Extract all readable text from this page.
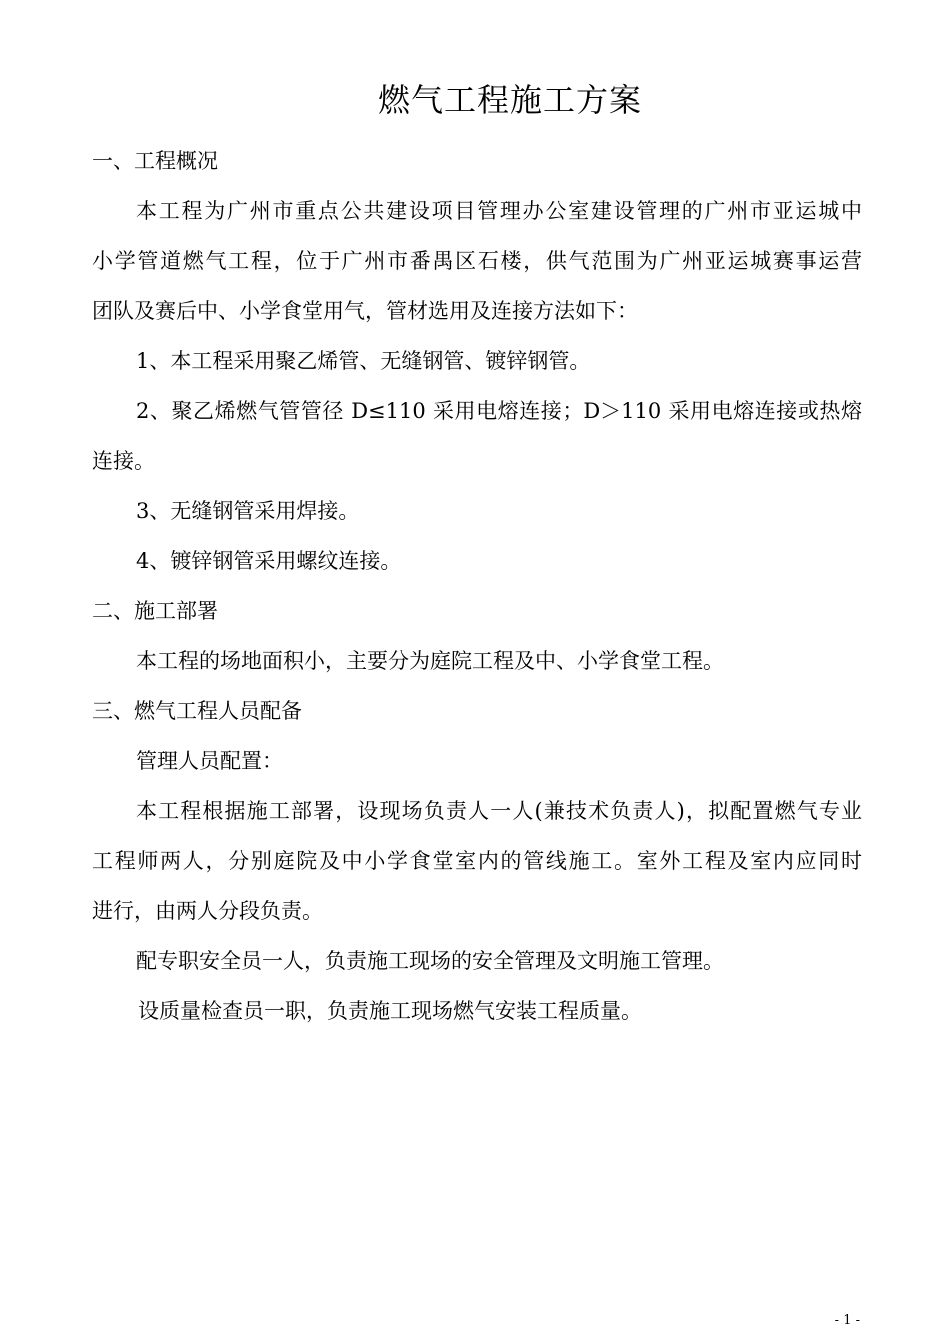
燃气工程施工方案

一、工程概况

本工程为广州市重点公共建设项目管理办公室建设管理的广州市亚运城中

小学管道燃气工程，位于广州市番禺区石楼，供气范围为广州亚运城赛事运营

团队及赛后中、小学食堂用气，管材选用及连接方法如下：

1、本工程采用聚乙烯管、无缝钢管、镀锌钢管。

2、聚乙烯燃气管管径 D≤110 采用电熔连接；D＞110 采用电熔连接或热熔

连接。

3、无缝钢管采用焊接。

4、镀锌钢管采用螺纹连接。

二、施工部署

本工程的场地面积小，主要分为庭院工程及中、小学食堂工程。

三、燃气工程人员配备

管理人员配置：

本工程根据施工部署，设现场负责人一人(兼技术负责人)，拟配置燃气专业

工程师两人，分别庭院及中小学食堂室内的管线施工。室外工程及室内应同时

进行，由两人分段负责。

配专职安全员一人，负责施工现场的安全管理及文明施工管理。

设质量检查员一职，负责施工现场燃气安装工程质量。

- 1 -
